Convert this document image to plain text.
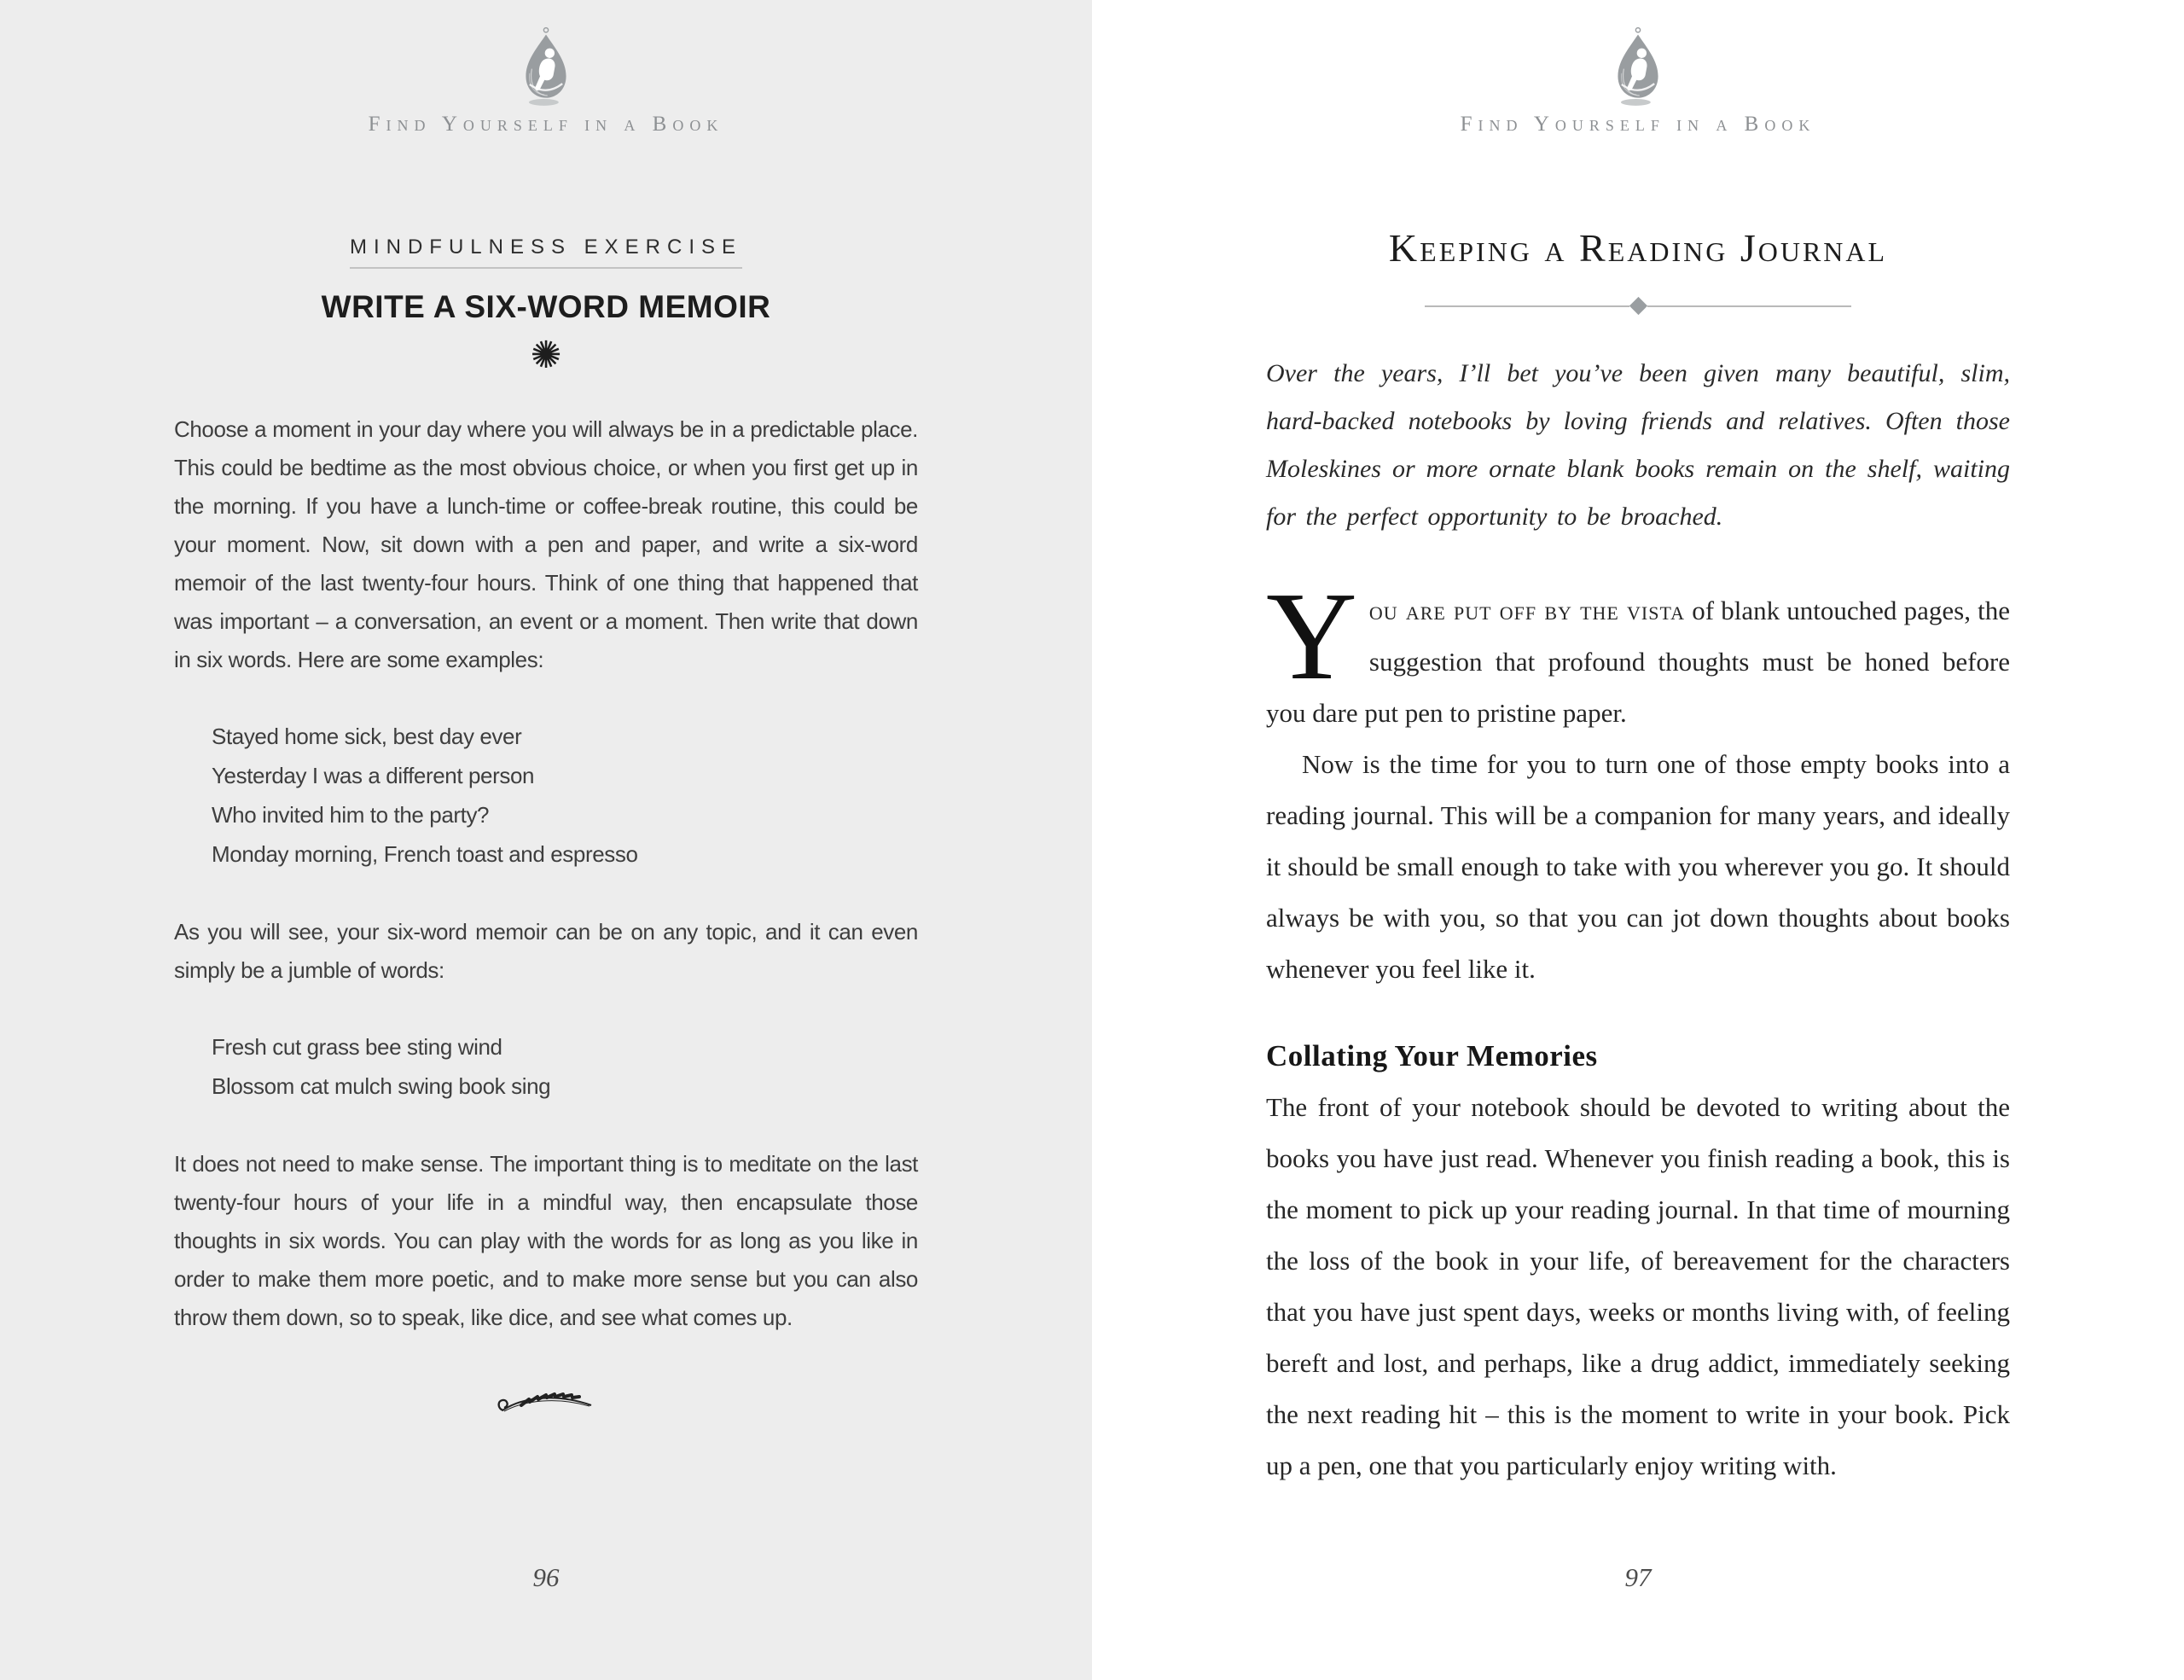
Find Yourself in a Book
MINDFULNESS EXERCISE
WRITE A SIX-WORD MEMOIR
✺

Choose a moment in your day where you will always be in a predictable place. This could be bedtime as the most obvious choice, or when you first get up in the morning. If you have a lunch-time or coffee-break routine, this could be your moment. Now, sit down with a pen and paper, and write a six-word memoir of the last twenty-four hours. Think of one thing that happened that was important – a conversation, an event or a moment. Then write that down in six words. Here are some examples:

Stayed home sick, best day ever
Yesterday I was a different person
Who invited him to the party?
Monday morning, French toast and espresso

As you will see, your six-word memoir can be on any topic, and it can even simply be a jumble of words:

Fresh cut grass bee sting wind
Blossom cat mulch swing book sing

It does not need to make sense. The important thing is to meditate on the last twenty-four hours of your life in a mindful way, then encapsulate those thoughts in six words. You can play with the words for as long as you like in order to make them more poetic, and to make more sense but you can also throw them down, so to speak, like dice, and see what comes up.

96
Find Yourself in a Book
Keeping a Reading Journal

Over the years, I’ll bet you’ve been given many beautiful, slim, hard-backed notebooks by loving friends and relatives. Often those Moleskines or more ornate blank books remain on the shelf, waiting for the perfect opportunity to be broached.

You are put off by the vista of blank untouched pages, the suggestion that profound thoughts must be honed before you dare put pen to pristine paper.

Now is the time for you to turn one of those empty books into a reading journal. This will be a companion for many years, and ideally it should be small enough to take with you wherever you go. It should always be with you, so that you can jot down thoughts about books whenever you feel like it.

Collating Your Memories

The front of your notebook should be devoted to writing about the books you have just read. Whenever you finish reading a book, this is the moment to pick up your reading journal. In that time of mourning the loss of the book in your life, of bereavement for the characters that you have just spent days, weeks or months living with, of feeling bereft and lost, and perhaps, like a drug addict, immediately seeking the next reading hit – this is the moment to write in your book. Pick up a pen, one that you particularly enjoy writing with.

97
